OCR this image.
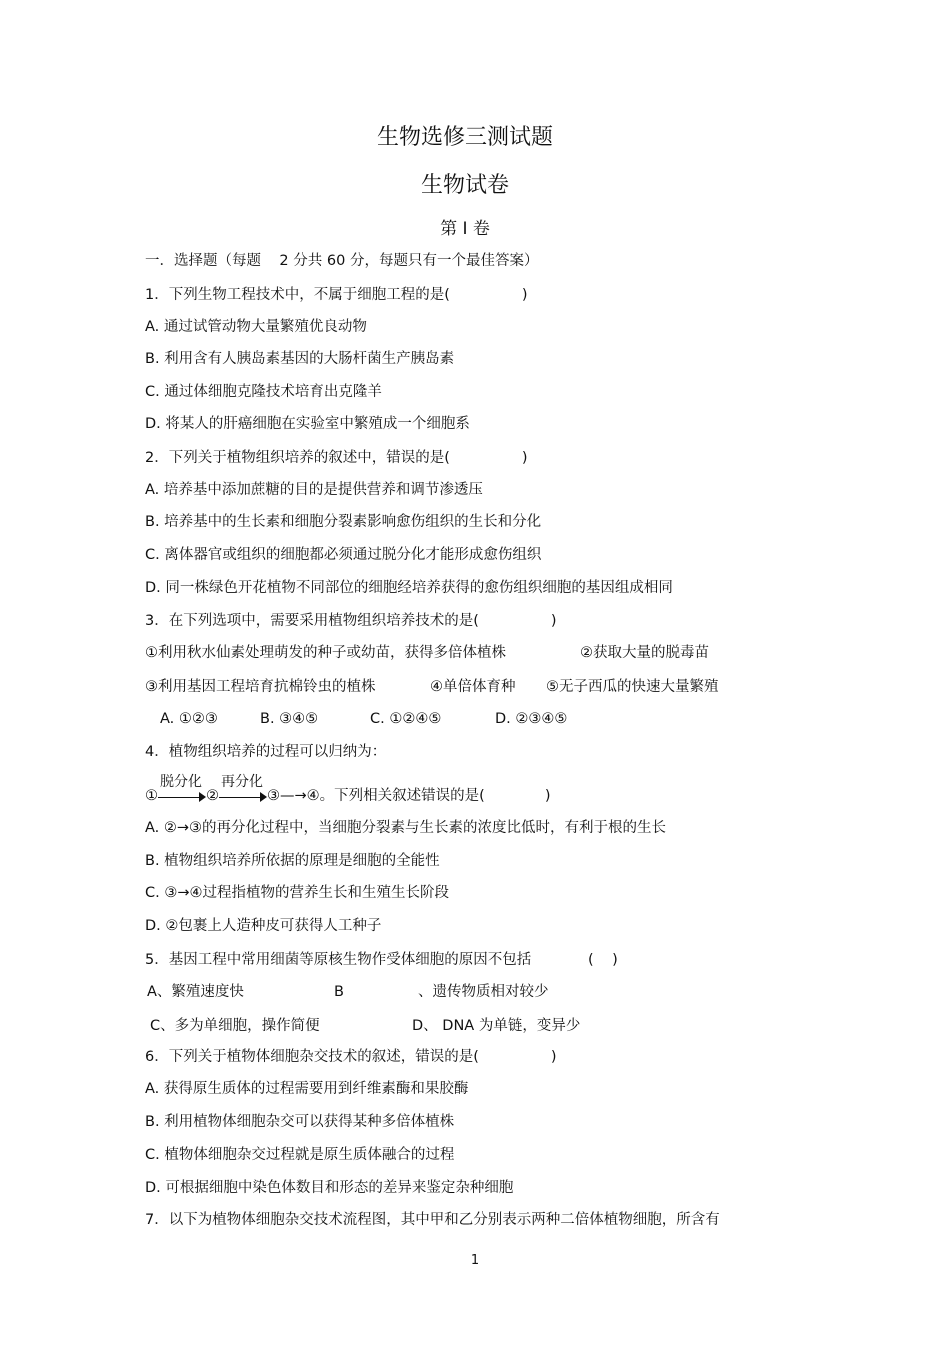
生物选修三测试题
生物试卷
第 I 卷
一．选择题（每题    2 分共 60 分，每题只有一个最佳答案）
1．下列生物工程技术中，不属于细胞工程的是(	)
A. 通过试管动物大量繁殖优良动物
B. 利用含有人胰岛素基因的大肠杆菌生产胰岛素
C. 通过体细胞克隆技术培育出克隆羊
D. 将某人的肝癌细胞在实验室中繁殖成一个细胞系
2．下列关于植物组织培养的叙述中，错误的是(	)
A. 培养基中添加蔗糖的目的是提供营养和调节渗透压
B. 培养基中的生长素和细胞分裂素影响愈伤组织的生长和分化
C. 离体器官或组织的细胞都必须通过脱分化才能形成愈伤组织
D. 同一株绿色开花植物不同部位的细胞经培养获得的愈伤组织细胞的基因组成相同
3．在下列选项中，需要采用植物组织培养技术的是(	)
①利用秋水仙素处理萌发的种子或幼苗，获得多倍体植株	②获取大量的脱毒苗
③利用基因工程培育抗棉铃虫的植株	④单倍体育种 ⑤无子西瓜的快速大量繁殖
A. ①②③	B. ③④⑤	C. ①②④⑤	D. ②③④⑤
4．植物组织培养的过程可以归纳为：
①
脱分化
②
再分化
③—→④。下列相关叙述错误的是(	)
A. ②→③的再分化过程中，当细胞分裂素与生长素的浓度比低时，有利于根的生长
B. 植物组织培养所依据的原理是细胞的全能性
C. ③→④过程指植物的营养生长和生殖生长阶段
D. ②包裹上人造种皮可获得人工种子
5．基因工程中常用细菌等原核生物作受体细胞的原因不包括	(    )
A、繁殖速度快	B	、遗传物质相对较少
C、多为单细胞，操作简便	D、 DNA 为单链，变异少
6．下列关于植物体细胞杂交技术的叙述，错误的是(	)
A. 获得原生质体的过程需要用到纤维素酶和果胶酶
B. 利用植物体细胞杂交可以获得某种多倍体植株
C. 植物体细胞杂交过程就是原生质体融合的过程
D. 可根据细胞中染色体数目和形态的差异来鉴定杂种细胞
7．以下为植物体细胞杂交技术流程图，其中甲和乙分别表示两种二倍体植物细胞，所含有
1
